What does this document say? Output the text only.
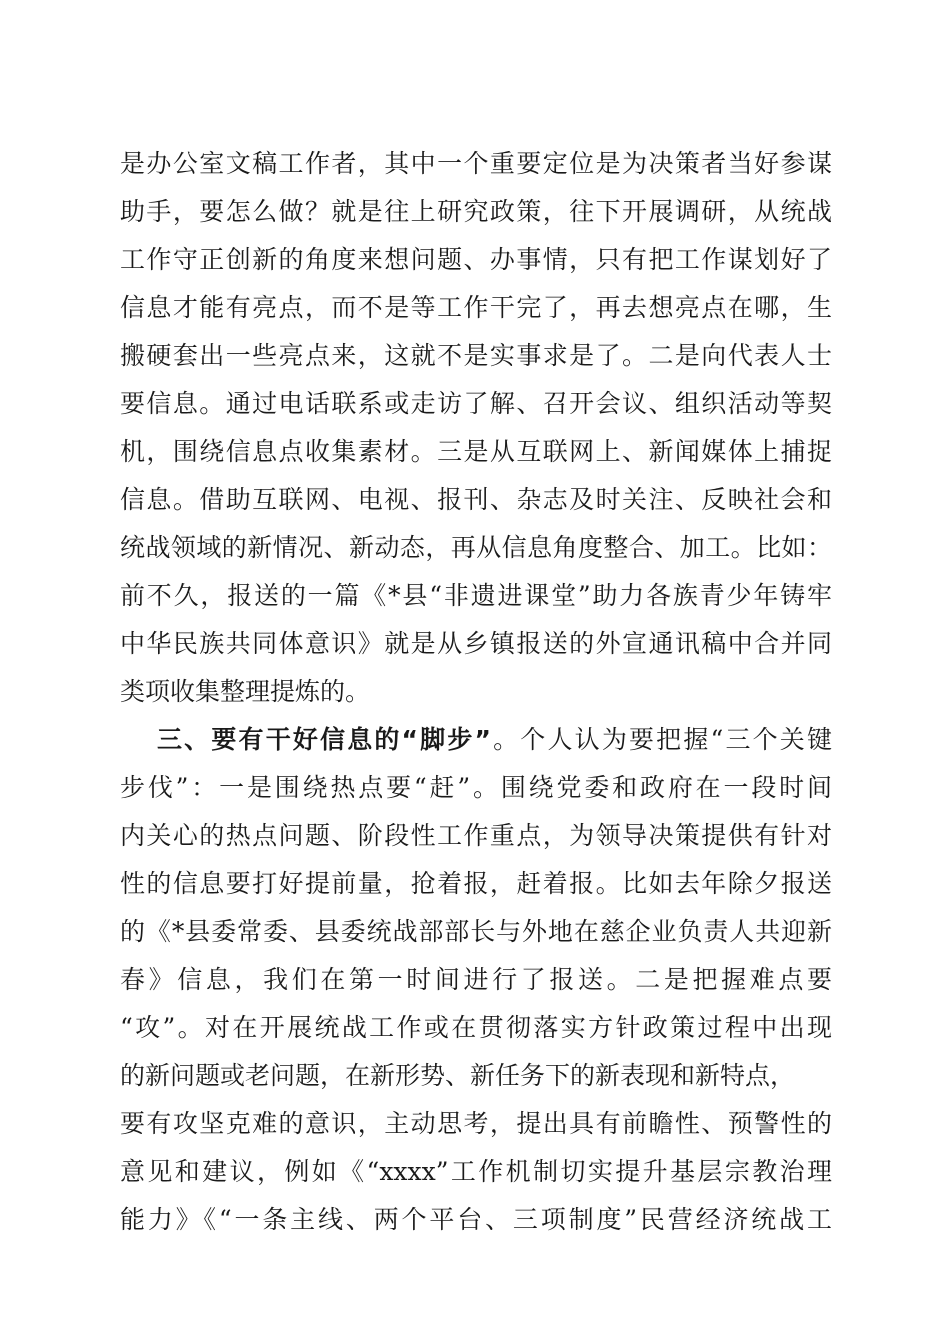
是办公室文稿工作者，其中一个重要定位是为决策者当好参谋
助手，要怎么做？就是往上研究政策，往下开展调研，从统战
工作守正创新的角度来想问题、办事情，只有把工作谋划好了
信息才能有亮点，而不是等工作干完了，再去想亮点在哪，生
搬硬套出一些亮点来，这就不是实事求是了。二是向代表人士
要信息。通过电话联系或走访了解、召开会议、组织活动等契
机，围绕信息点收集素材。三是从互联网上、新闻媒体上捕捉
信息。借助互联网、电视、报刊、杂志及时关注、反映社会和
统战领域的新情况、新动态，再从信息角度整合、加工。比如：
前不久，报送的一篇《*县“非遗进课堂”助力各族青少年铸牢
中华民族共同体意识》就是从乡镇报送的外宣通讯稿中合并同
类项收集整理提炼的。
三、要有干好信息的“脚步”。个人认为要把握“三个关键
步伐”：一是围绕热点要“赶”。围绕党委和政府在一段时间
内关心的热点问题、阶段性工作重点，为领导决策提供有针对
性的信息要打好提前量，抢着报，赶着报。比如去年除夕报送
的《*县委常委、县委统战部部长与外地在慈企业负责人共迎新
春》信息，我们在第一时间进行了报送。二是把握难点要
“攻”。对在开展统战工作或在贯彻落实方针政策过程中出现
的新问题或老问题，在新形势、新任务下的新表现和新特点，
要有攻坚克难的意识，主动思考，提出具有前瞻性、预警性的
意见和建议，例如《“xxxx”工作机制切实提升基层宗教治理
能力》《“一条主线、两个平台、三项制度”民营经济统战工
